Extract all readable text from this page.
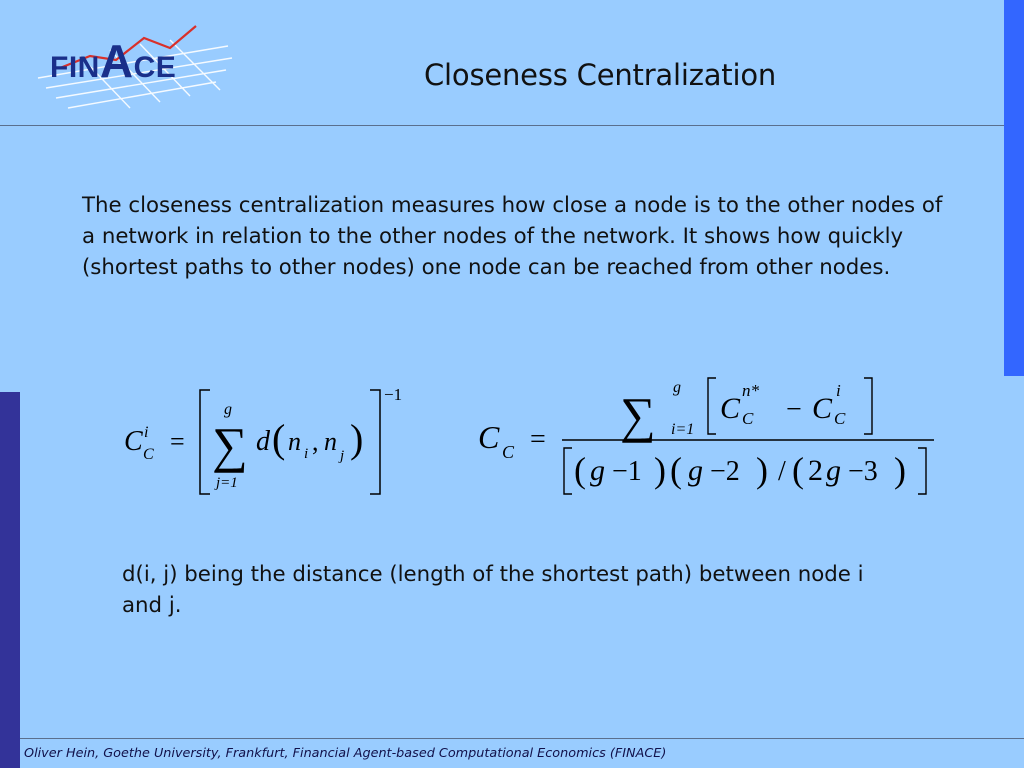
FINACE	Closeness Centralization
The closeness centralization measures how close a node is to the other nodes of a network in relation to the other nodes of the network. It shows how quickly (shortest paths to other nodes) one node can be reached from other nodes.
C i
C =
g
∑
j=1
d ( n i , n j )
−1
C C = ∑ g
i=1
C
n*
C − C
i
C
( g −1 ) ( g −2 ) / ( 2 g −3 )
d(i, j) being the distance (length of the shortest path) between node i and j.
Oliver Hein, Goethe University, Frankfurt, Financial Agent-based Computational Economics (FINACE)
